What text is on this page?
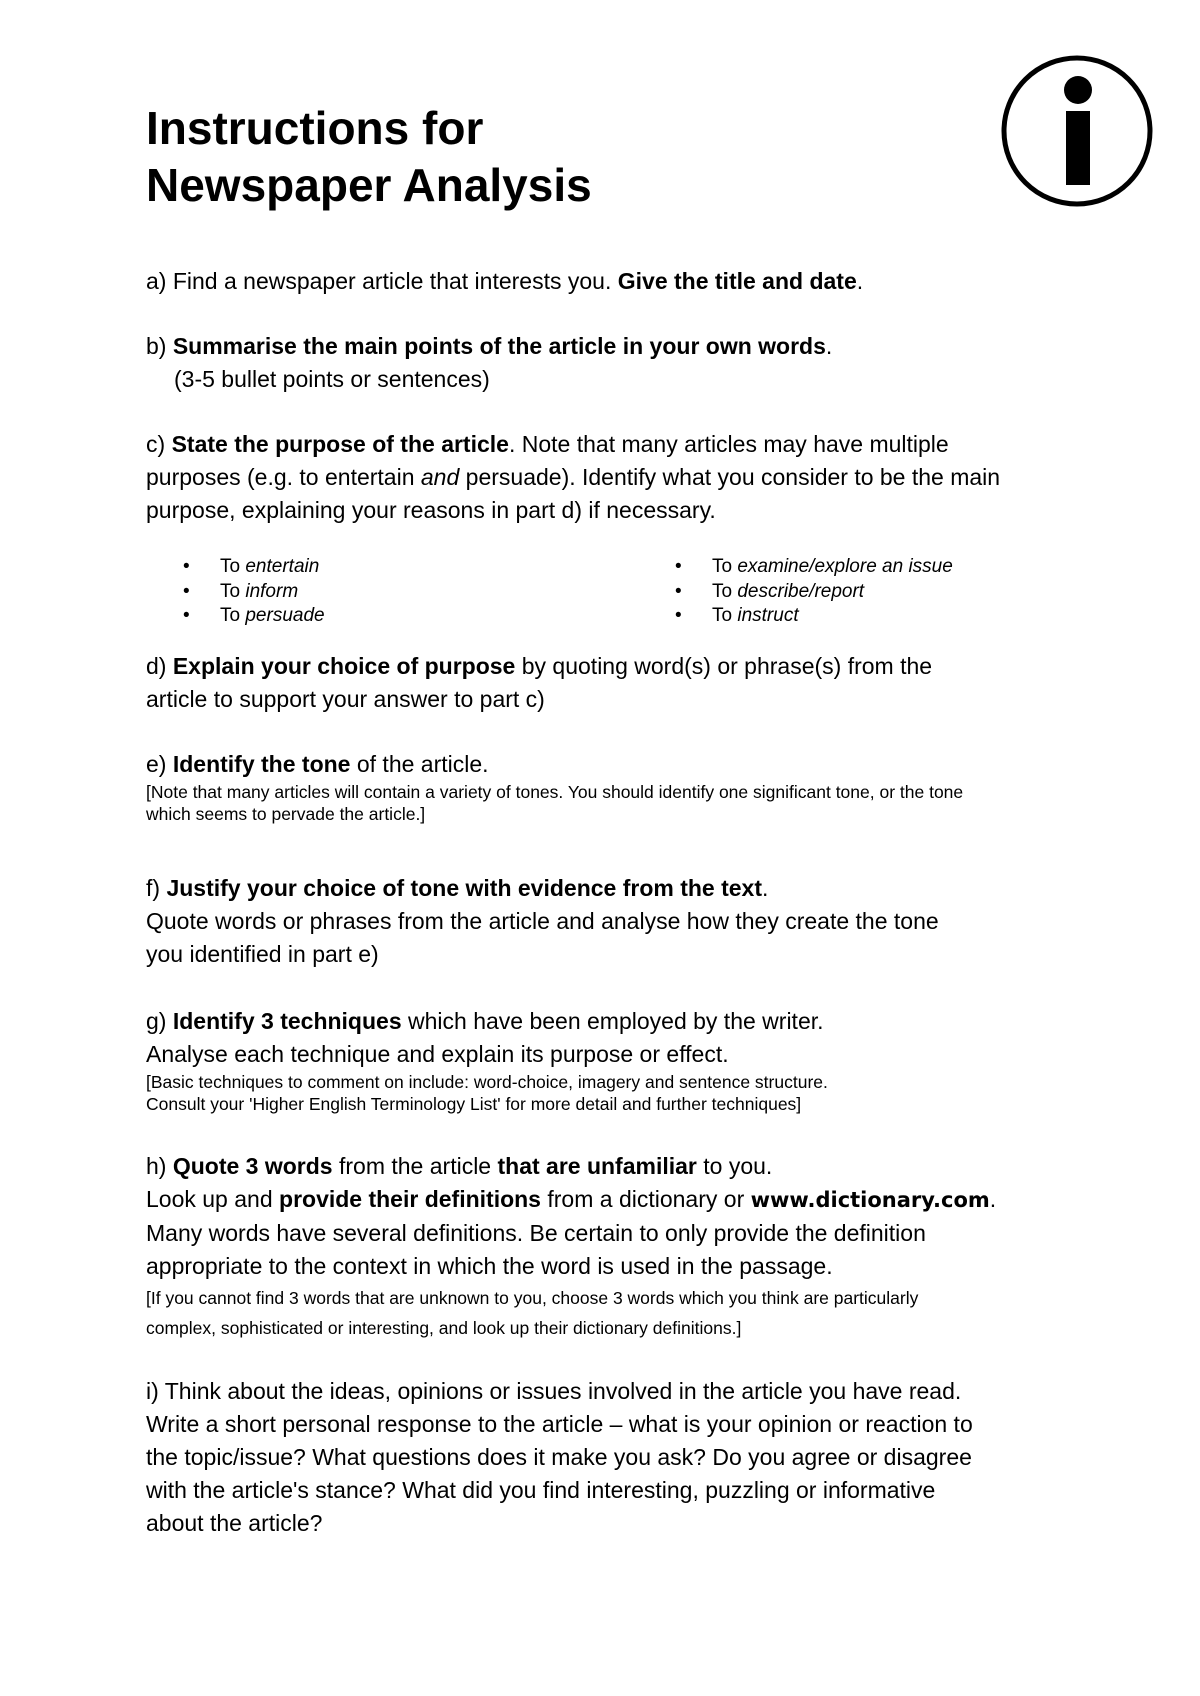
Instructions for
Newspaper Analysis

a) Find a newspaper article that interests you. Give the title and date.

b) Summarise the main points of the article in your own words.
(3-5 bullet points or sentences)

c) State the purpose of the article. Note that many articles may have multiple
purposes (e.g. to entertain and persuade). Identify what you consider to be the main
purpose, explaining your reasons in part d) if necessary.

d) Explain your choice of purpose by quoting word(s) or phrase(s) from the
article to support your answer to part c)

e) Identify the tone of the article.
[Note that many articles will contain a variety of tones. You should identify one significant tone, or the tone
which seems to pervade the article.]

f) Justify your choice of tone with evidence from the text.
Quote words or phrases from the article and analyse how they create the tone
you identified in part e)

g) Identify 3 techniques which have been employed by the writer.
Analyse each technique and explain its purpose or effect.
[Basic techniques to comment on include: word-choice, imagery and sentence structure.
Consult your 'Higher English Terminology List' for more detail and further techniques]

h) Quote 3 words from the article that are unfamiliar to you.
Look up and provide their definitions from a dictionary or www.dictionary.com.
Many words have several definitions. Be certain to only provide the definition
appropriate to the context in which the word is used in the passage.
[If you cannot find 3 words that are unknown to you, choose 3 words which you think are particularly
complex, sophisticated or interesting, and look up their dictionary definitions.]

i) Think about the ideas, opinions or issues involved in the article you have read.
Write a short personal response to the article – what is your opinion or reaction to
the topic/issue? What questions does it make you ask? Do you agree or disagree
with the article's stance? What did you find interesting, puzzling or informative
about the article?

• To entertain
• To inform
• To persuade
• To examine/explore an issue
• To describe/report
• To instruct
